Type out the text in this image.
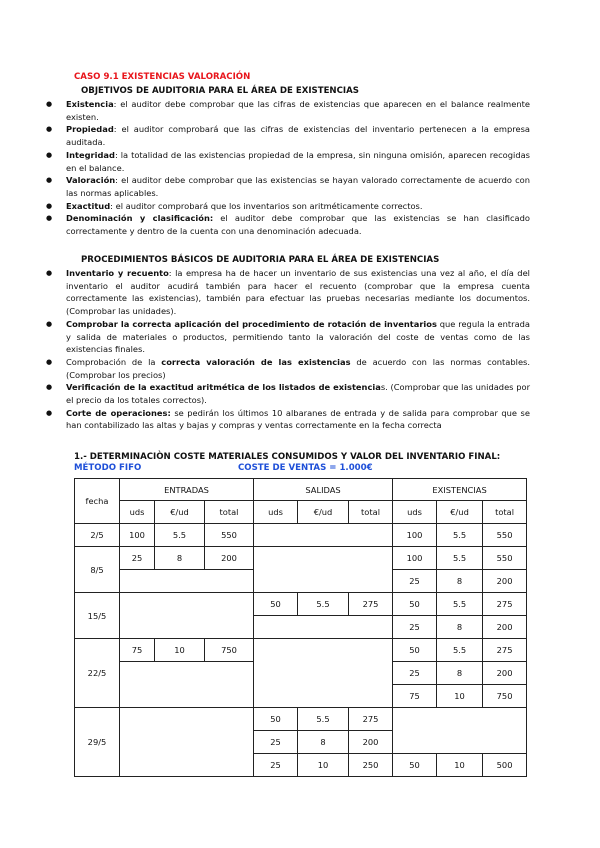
CASO 9.1 EXISTENCIAS VALORACIÓN
OBJETIVOS DE AUDITORIA PARA EL ÁREA DE EXISTENCIAS
● Existencia: el auditor debe comprobar que las cifras de existencias que aparecen en el balance realmente existen.
● Propiedad: el auditor comprobará que las cifras de existencias del inventario pertenecen a la empresa auditada.
● Integridad: la totalidad de las existencias propiedad de la empresa, sin ninguna omisión, aparecen recogidas en el balance.
● Valoración: el auditor debe comprobar que las existencias se hayan valorado correctamente de acuerdo con las normas aplicables.
● Exactitud: el auditor comprobará que los inventarios son aritméticamente correctos.
● Denominación y clasificación: el auditor debe comprobar que las existencias se han clasificado correctamente y dentro de la cuenta con una denominación adecuada.
PROCEDIMIENTOS BÁSICOS DE AUDITORIA PARA EL ÁREA DE EXISTENCIAS
● Inventario y recuento: la empresa ha de hacer un inventario de sus existencias una vez al año, el día del inventario el auditor acudirá también para hacer el recuento (comprobar que la empresa cuenta correctamente las existencias), también para efectuar las pruebas necesarias mediante los documentos. (Comprobar las unidades).
● Comprobar la correcta aplicación del procedimiento de rotación de inventarios que regula la entrada y salida de materiales o productos, permitiendo tanto la valoración del coste de ventas como de las existencias finales.
● Comprobación de la correcta valoración de las existencias de acuerdo con las normas contables. (Comprobar los precios)
● Verificación de la exactitud aritmética de los listados de existencias. (Comprobar que las unidades por el precio da los totales correctos).
● Corte de operaciones: se pedirán los últimos 10 albaranes de entrada y de salida para comprobar que se han contabilizado las altas y bajas y compras y ventas correctamente en la fecha correcta
1.- DETERMINACIÒN COSTE MATERIALES CONSUMIDOS Y VALOR DEL INVENTARIO FINAL:
MÉTODO FIFO	COSTE DE VENTAS = 1.000€
fecha	ENTRADAS			SALIDAS			EXISTENCIAS		
	uds	€/ud	total	uds	€/ud	total	uds	€/ud	total
2/5	100	5.5	550				100	5.5	550
8/5	25	8	200				100	5.5	550
							25	8	200
15/5				50	5.5	275	50	5.5	275
							25	8	200
22/5	75	10	750				50	5.5	275
							25	8	200
							75	10	750
29/5				50	5.5	275			
				25	8	200			
				25	10	250	50	10	500
